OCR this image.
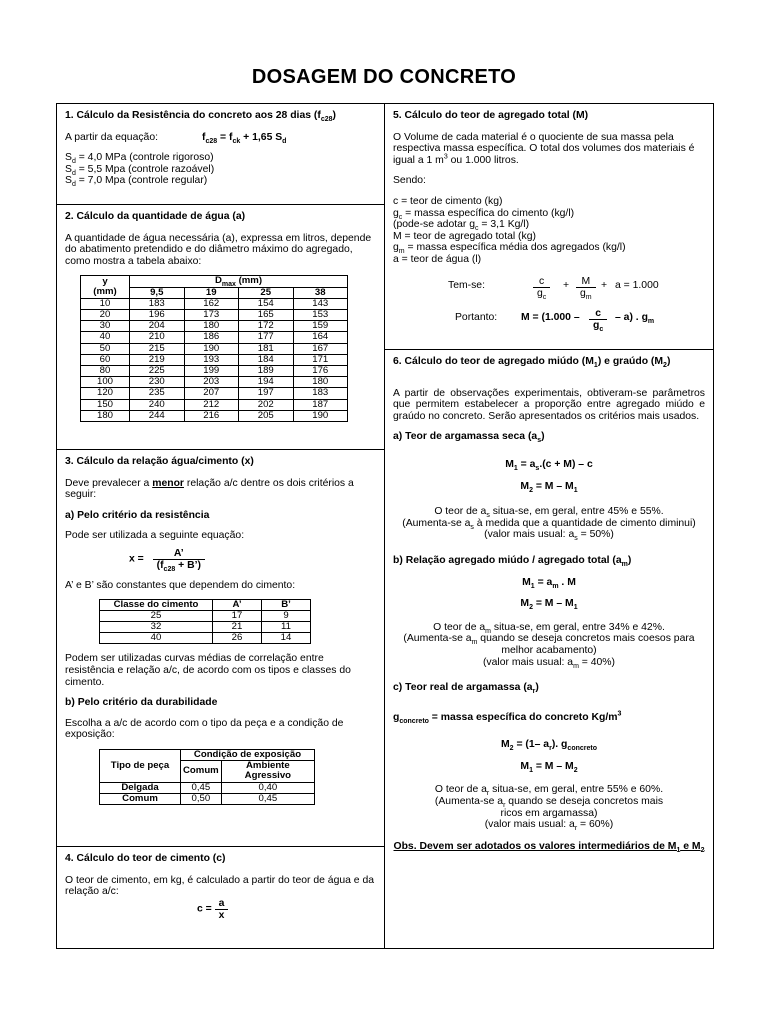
DOSAGEM DO CONCRETO

1. Cálculo da Resistência do concreto aos 28 dias $(f_{c28})$

A partir da equação:	$f_{c28} = f_{ck} + 1,65$ $S_d$

$S_d = 4,0$ MPa (controle rigoroso)

$S_d = 5,5$ Mpa (controle razoável)

$S_d = 7,0$ Mpa (controle regular)

2. Cálculo da quantidade de água (a)

A quantidade de água necessária (a), expressa em litros, depende do abatimento pretendido e do diâmetro máximo do agregado, como mostra a tabela abaixo:

y	$D_{max}$ (mm)			
(mm)	9,5	19	25	38
10	183	162	154	143
20	196	173	165	153
30	204	180	172	159
40	210	186	177	164
50	215	190	181	167
60	219	193	184	171
80	225	199	189	176
100	230	203	194	180
120	235	207	197	183
150	240	212	202	187
180	244	216	205	190

3. Cálculo da relação água/cimento (x)

Deve prevalecer a menor relação a/c dentre os dois critérios a seguir:

a) Pelo critério da resistência

Pode ser utilizada a seguinte equação:

$x = \frac{A’}{(f_{c28} + B’)}$

A’ e B’ são constantes que dependem do cimento:

Classe do cimento	A’	B’
25	17	9
32	21	11
40	26	14

Podem ser utilizadas curvas médias de correlação entre resistência e relação a/c, de acordo com os tipos e classes do cimento.

b) Pelo critério da durabilidade

Escolha a a/c de acordo com o tipo da peça e a condição de exposição:

Tipo de peça	Condição de exposição	
	Comum	Ambiente Agressivo
Delgada	0,45	0,40
Comum	0,50	0,45

4. Cálculo do teor de cimento (c)

O teor de cimento, em kg, é calculado a partir do teor de água e da relação a/c:

$c = \frac{a}{x}$

5. Cálculo do teor de agregado total (M)

O Volume de cada material é o quociente de sua massa pela respectiva massa específica. O total dos volumes dos materiais é igual a 1 $m^3$ ou 1.000 litros.

Sendo:

c = teor de cimento (kg)

$g_c$ = massa específica do cimento (kg/l)

(pode-se adotar $g_c = 3,1$ Kg/l)

M = teor de agregado total (kg)

$g_m$ = massa específica média dos agregados (kg/l)

a = teor de água (l)

Tem-se:	$\frac{c}{g_c} + \frac{M}{g_m} + a = 1.000$
Portanto: $M = (1.000 - \frac{c}{g_c} - a)$ . $g_m$

6. Cálculo do teor de agregado miúdo $(M_1)$ e graúdo $(M_2)$

A partir de observações experimentais, obtiveram-se parâmetros que permitem estabelecer a proporção entre agregado miúdo e graúdo no concreto. Serão apresentados os critérios mais usados.

a) Teor de argamassa seca $(a_s)$

$M_1 = a_s.(c + M) - c$

$M_2 = M - M_1$

O teor de $a_s$ situa-se, em geral, entre 45% e 55%.

(Aumenta-se $a_s$ à medida que a quantidade de cimento diminui)

(valor mais usual: $a_s = 50\%$)

b) Relação agregado miúdo / agregado total $(a_m)$

$M_1 = a_m$ . M

$M_2 = M - M_1$

O teor de $a_m$ situa-se, em geral, entre 34% e 42%.

(Aumenta-se $a_m$ quando se deseja concretos mais coesos para melhor acabamento)

(valor mais usual: $a_m = 40\%$)

c) Teor real de argamassa $(a_r)$

$g_{concreto}$ = massa específica do concreto $Kg/m^3$

$M_2 = (1-$ $a_r$). $g_{concreto}$

$M_1 = M - M_2$

O teor de $a_r$ situa-se, em geral, entre 55% e 60%.

(Aumenta-se $a_r$ quando se deseja concretos mais ricos em argamassa)

(valor mais usual: $a_r = 60\%$)

Obs. Devem ser adotados os valores intermediários de $M_1$ e $M_2$
